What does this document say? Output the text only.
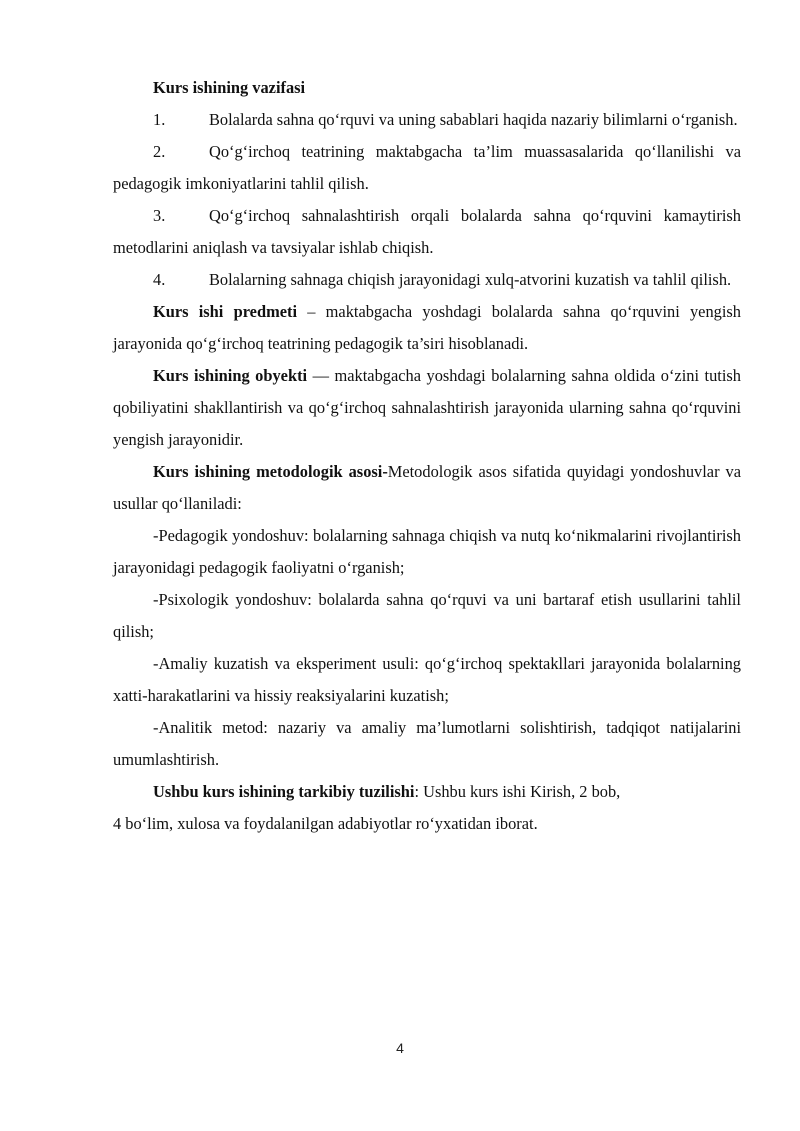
Kurs ishining vazifasi

1.	Bolalarda sahna qo‘rquvi va uning sabablari haqida nazariy bilimlarni o‘rganish.

2.	Qo‘g‘irchoq teatrining maktabgacha ta’lim muassasalarida qo‘llanilishi va pedagogik imkoniyatlarini tahlil qilish.

3.	Qo‘g‘irchoq sahnalashtirish orqali bolalarda sahna qo‘rquvini kamaytirish metodlarini aniqlash va tavsiyalar ishlab chiqish.

4.	Bolalarning sahnaga chiqish jarayonidagi xulq-atvorini kuzatish va tahlil qilish.

Kurs ishi predmeti – maktabgacha yoshdagi bolalarda sahna qo‘rquvini yengish jarayonida qo‘g‘irchoq teatrining pedagogik ta’siri hisoblanadi.

Kurs ishining obyekti — maktabgacha yoshdagi bolalarning sahna oldida o‘zini tutish qobiliyatini shakllantirish va qo‘g‘irchoq sahnalashtirish jarayonida ularning sahna qo‘rquvini yengish jarayonidir.

Kurs ishining metodologik asosi-Metodologik asos sifatida quyidagi yondoshuvlar va usullar qo‘llaniladi:

-Pedagogik yondoshuv: bolalarning sahnaga chiqish va nutq ko‘nikmalarini rivojlantirish jarayonidagi pedagogik faoliyatni o‘rganish;

-Psixologik yondoshuv: bolalarda sahna qo‘rquvi va uni bartaraf etish usullarini tahlil qilish;

-Amaliy kuzatish va eksperiment usuli: qo‘g‘irchoq spektakllari jarayonida bolalarning xatti-harakatlarini va hissiy reaksiyalarini kuzatish;

-Analitik metod: nazariy va amaliy ma’lumotlarni solishtirish, tadqiqot natijalarini umumlashtirish.

Ushbu kurs ishining tarkibiy tuzilishi: Ushbu kurs ishi Kirish, 2 bob,

4 bo‘lim, xulosa va foydalanilgan adabiyotlar ro‘yxatidan iborat.

4
